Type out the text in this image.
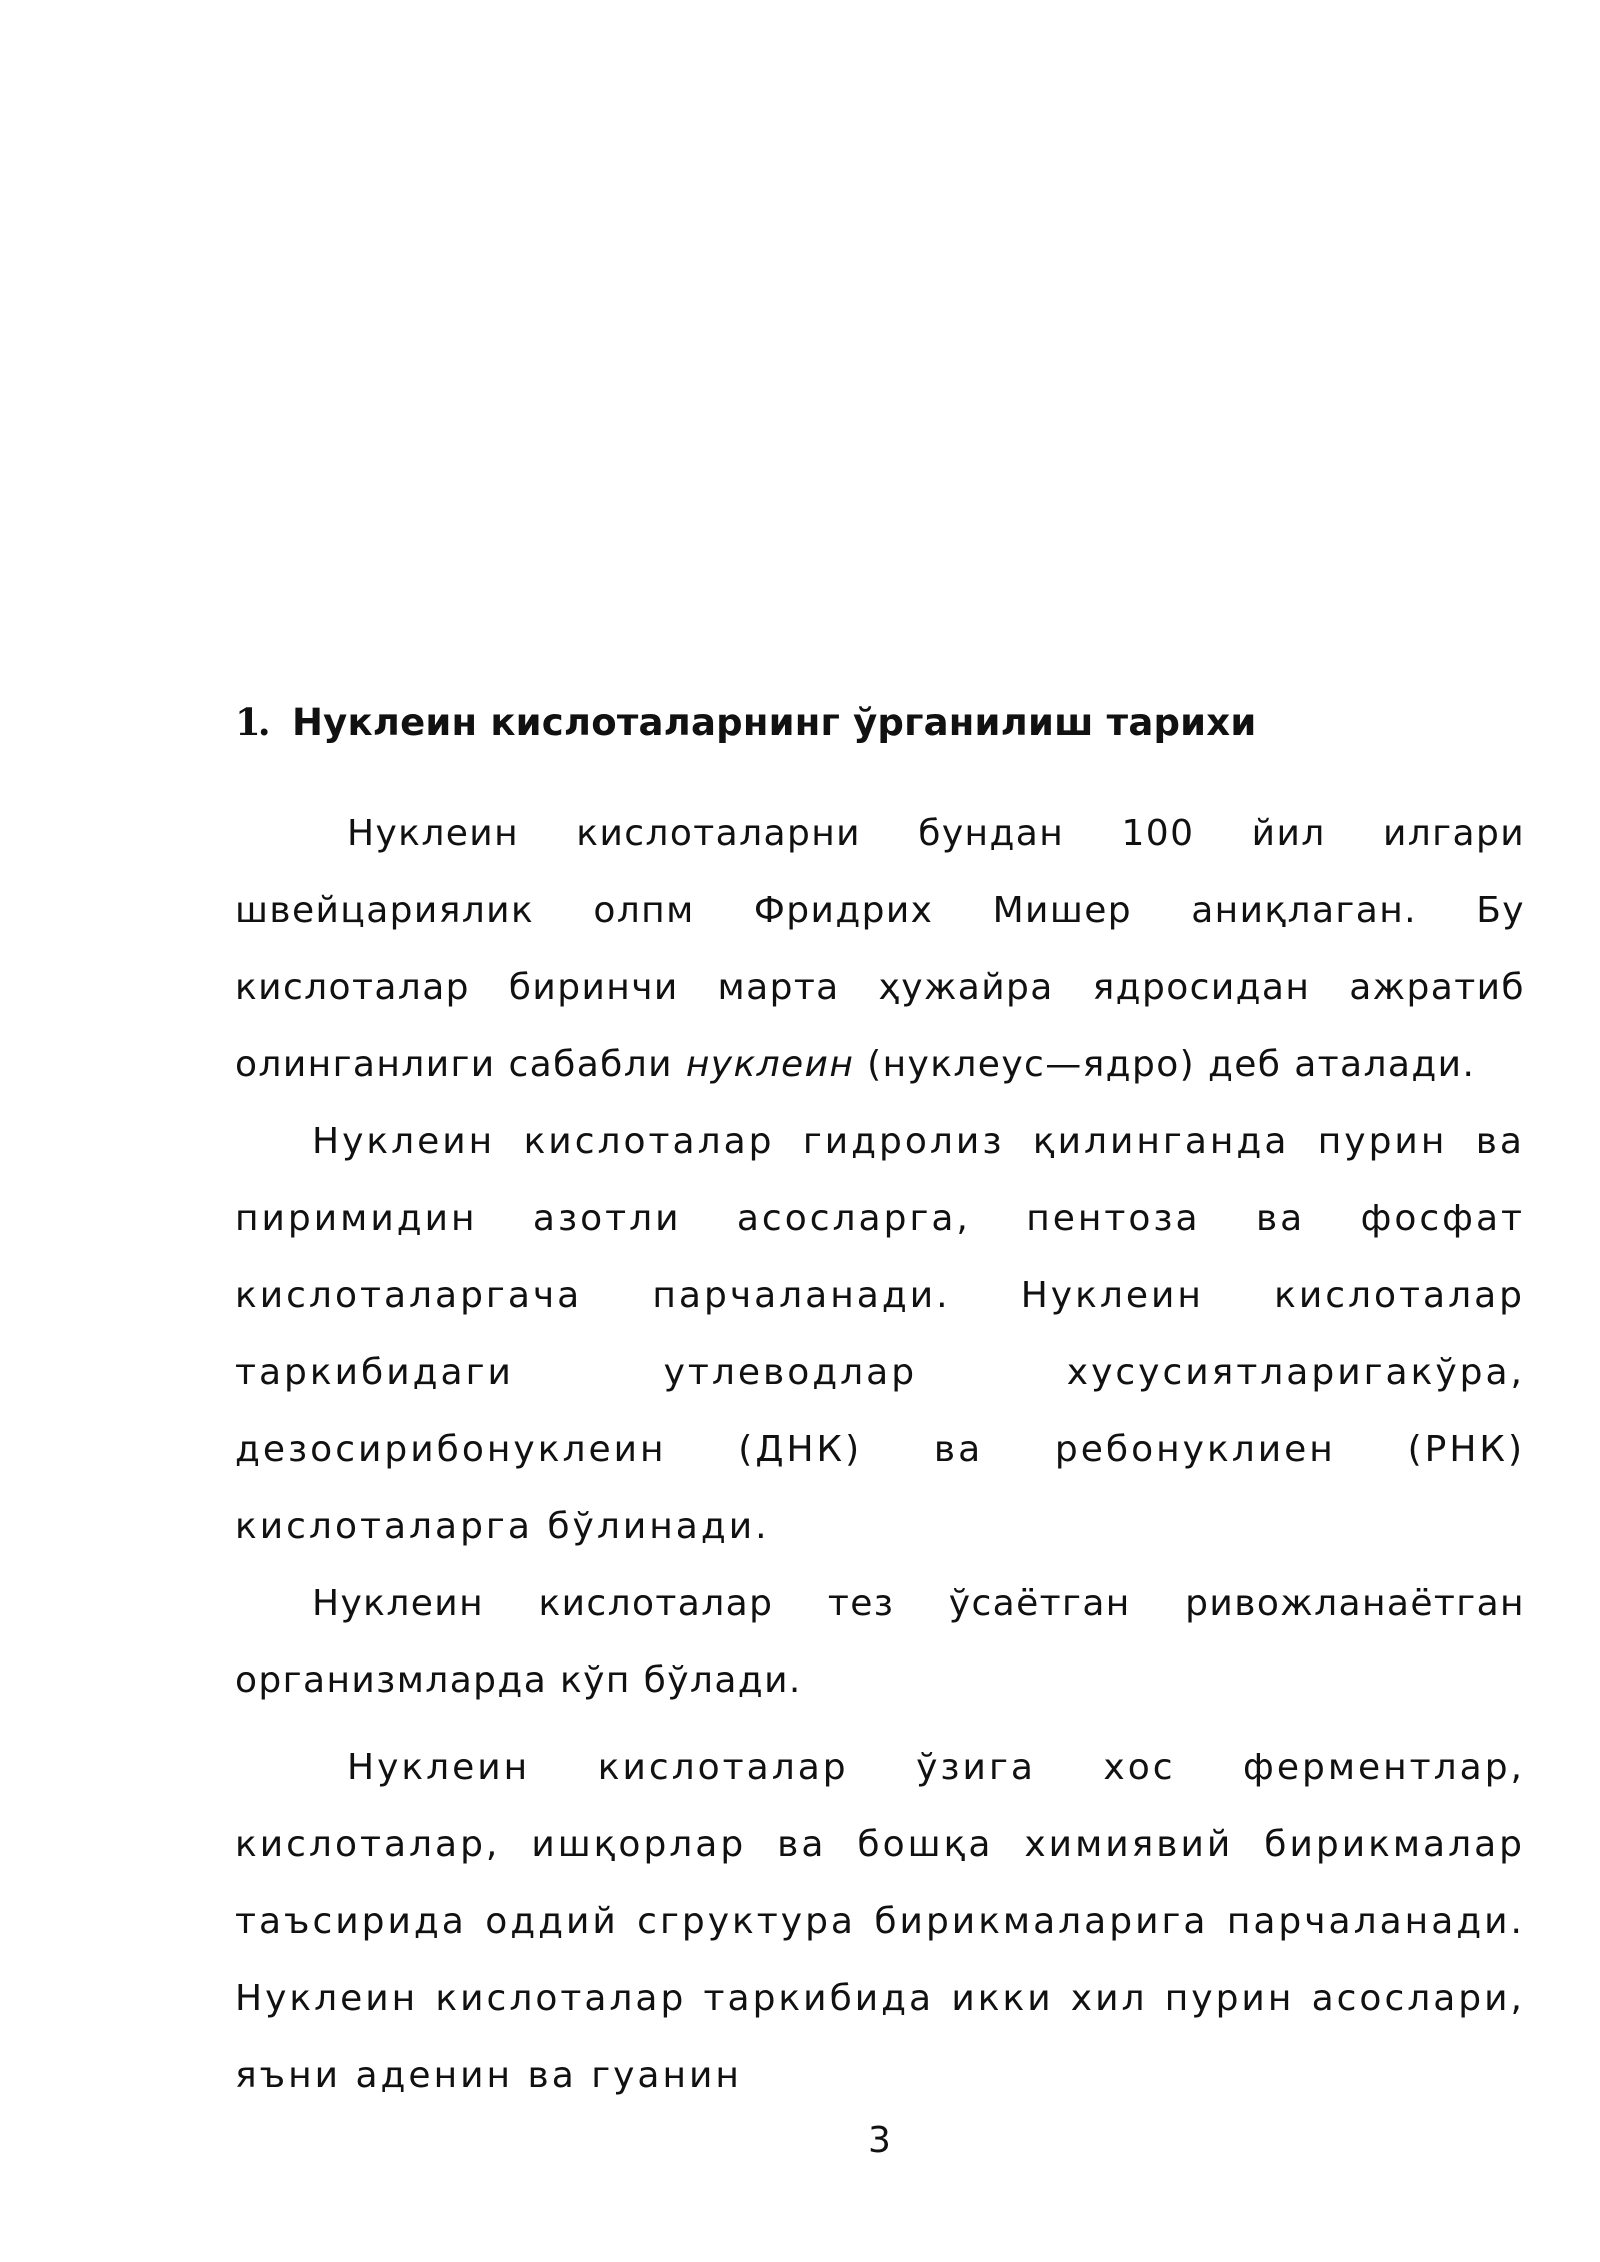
1. Нуклеин кислоталарнинг ўрганилиш тарихи

Нуклеин кислоталарни бундан 100 йил илгари швейцариялик олпм Фридрих Мишер аниқлаган. Бу кислоталар биринчи марта ҳужайра ядросидан ажратиб олинганлиги сабабли нуклеин (нуклеус—ядро) деб аталади.

Нуклеин кислоталар гидролиз қилинганда пурин ва пиримидин азотли асосларга, пентоза ва фосфат кислоталаргача парчаланади. Нуклеин кислоталар таркибидаги утлеводлар хусусиятларигакўра, дезосирибонуклеин (ДНК) ва ребонуклиен (РНК) кислоталарга бўлинади.

Нуклеин кислоталар тез ўсаётган ривожланаётган организмларда кўп бўлади.

Нуклеин кислоталар ўзига хос ферментлар, кислоталар, ишқорлар ва бошқа химиявий бирикмалар таъсирида оддий сгруктура бирикмаларига парчаланади. Нуклеин кислоталар таркибида икки хил пурин асослари, яъни аденин ва гуанин

3
